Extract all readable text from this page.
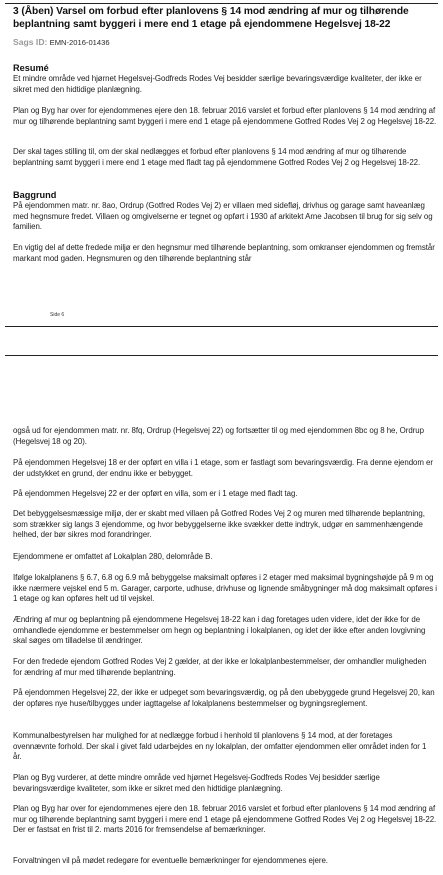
3 (Åben) Varsel om forbud efter planlovens § 14 mod ændring af mur og tilhørende beplantning samt byggeri i mere end 1 etage på ejendommene Hegelsvej 18-22
Sags ID: EMN-2016-01436
Resumé

Et mindre område ved hjørnet Hegelsvej-Godfreds Rodes Vej besidder særlige bevaringsværdige kvaliteter, der ikke er sikret med den hidtidige planlægning.

Plan og Byg har over for ejendommenes ejere den 18. februar 2016 varslet et forbud efter planlovens § 14 mod ændring af mur og tilhørende beplantning samt byggeri i mere end 1 etage på ejendommene Gotfred Rodes Vej 2 og Hegelsvej 18-22.

Der skal tages stilling til, om der skal nedlægges et forbud efter planlovens § 14 mod ændring af mur og tilhørende beplantning samt byggeri i mere end 1 etage med fladt tag på ejendommene Gotfred Rodes Vej 2 og Hegelsvej 18-22.

Baggrund

På ejendommen matr. nr. 8ao, Ordrup (Gotfred Rodes Vej 2) er villaen med sidefløj, drivhus og garage samt haveanlæg med hegnsmure fredet. Villaen og omgivelserne er tegnet og opført i 1930 af arkitekt Arne Jacobsen til brug for sig selv og familien.

En vigtig del af dette fredede miljø er den hegnsmur med tilhørende beplantning, som omkranser ejendommen og fremstår markant mod gaden. Hegnsmuren og den tilhørende beplantning står

Side 6

også ud for ejendommen matr. nr. 8fq, Ordrup (Hegelsvej 22) og fortsætter til og med ejendommen 8bc og 8 he, Ordrup (Hegelsvej 18 og 20).

På ejendommen Hegelsvej 18 er der opført en villa i 1 etage, som er fastlagt som bevaringsværdig. Fra denne ejendom er der udstykket en grund, der endnu ikke er bebygget.

På ejendommen Hegelsvej 22 er der opført en villa, som er i 1 etage med fladt tag.

Det bebyggelsesmæssige miljø, der er skabt med villaen på Gotfred Rodes Vej 2 og muren med tilhørende beplantning, som strækker sig langs 3 ejendomme, og hvor bebyggelserne ikke svækker dette indtryk, udgør en sammenhængende helhed, der bør sikres mod forandringer.

Ejendommene er omfattet af Lokalplan 280, delområde B.

Ifølge lokalplanens § 6.7, 6.8 og 6.9 må bebyggelse maksimalt opføres i 2 etager med maksimal bygningshøjde på 9 m og ikke nærmere vejskel end 5 m. Garager, carporte, udhuse, drivhuse og lignende småbygninger må dog maksimalt opføres i 1 etage og kan opføres helt ud til vejskel.

Ændring af mur og beplantning på ejendommene Hegelsvej 18-22 kan i dag foretages uden videre, idet der ikke for de omhandlede ejendomme er bestemmelser om hegn og beplantning i lokalplanen, og idet der ikke efter anden lovgivning skal søges om tilladelse til ændringer.

For den fredede ejendom Gotfred Rodes Vej 2 gælder, at der ikke er lokalplanbestemmelser, der omhandler muligheden for ændring af mur med tilhørende beplantning.

På ejendommen Hegelsvej 22, der ikke er udpeget som bevaringsværdig, og på den ubebyggede grund Hegelsvej 20, kan der opføres nye huse/tilbygges under iagttagelse af lokalplanens bestemmelser og bygningsreglement.

Kommunalbestyrelsen har mulighed for at nedlægge forbud i henhold til planlovens § 14 mod, at der foretages ovennævnte forhold. Der skal i givet fald udarbejdes en ny lokalplan, der omfatter ejendommen eller området inden for 1 år.

Plan og Byg vurderer, at dette mindre område ved hjørnet Hegelsvej-Godfreds Rodes Vej besidder særlige bevaringsværdige kvaliteter, som ikke er sikret med den hidtidige planlægning.

Plan og Byg har over for ejendommenes ejere den 18. februar 2016 varslet et forbud efter planlovens § 14 mod ændring af mur og tilhørende beplantning samt byggeri i mere end 1 etage på ejendommene Gotfred Rodes Vej 2 og Hegelsvej 18-22. Der er fastsat en frist til 2. marts 2016 for fremsendelse af bemærkninger.

Forvaltningen vil på mødet redegøre for eventuelle bemærkninger for ejendommenes ejere.
